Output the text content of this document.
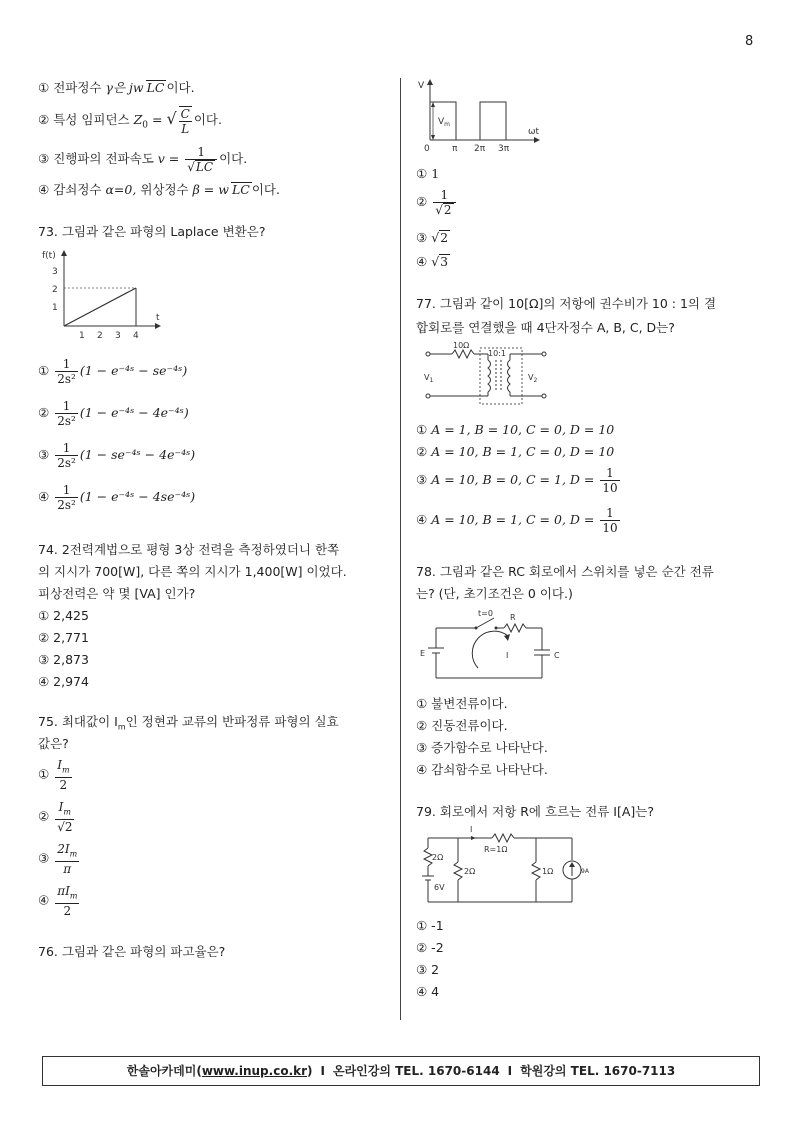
8
① 전파정수 γ은 jw LC 이다.
② 특성 임피던스 $Z_0$ = √ $\frac{C}{L}$ 이다.
③ 진행파의 전파속도 $v = \frac{1}{√LC}$ 이다.
④ 감쇠정수 α=0, 위상정수 β = w LC 이다.
73. 그림과 같은 파형의 Laplace 변환은?
f(t)
3
2
1
1 2 3 4
t
① $\frac{1}{\text{2s²}} (1$ − e⁻⁴ˢ − se⁻⁴ˢ)
② $\frac{1}{\text{2s²}} (1$ − e⁻⁴ˢ − 4e⁻⁴ˢ)
③ $\frac{1}{\text{2s²}} (1$ − se⁻⁴ˢ − 4e⁻⁴ˢ)
④ $\frac{1}{\text{2s²}} (1$ − e⁻⁴ˢ − 4se⁻⁴ˢ)
74. 2전력계법으로 평형 3상 전력을 측정하였더니 한쪽
의 지시가 700[W], 다른 쪽의 지시가 1,400[W] 이었다.
피상전력은 약 몇 [VA] 인가?
① 2,425
② 2,771
③ 2,873
④ 2,974
75. 최대값이 $I_m$인 정현과 교류의 반파정류 파형의 실효
값은?
① $\frac{I_m}{2}$
② $\frac{I_m}{√2}$
③ $\frac{2I_m}{\pi}$
④ $\frac{\pi I_m}{2}$
76. 그림과 같은 파형의 파고율은?
V
$V_m$
0 π 2π 3π
ωt
① 1
② $\frac{1}{√2}$
③ √2
④ √3
77. 그림과 같이 10[Ω]의 저항에 권수비가 10 : 1의 결
합회로를 연결했을 때 4단자정수 A, B, C, D는?
10Ω
10:1
$V_1$	$V_2$
① A = 1, B = 10, C = 0, D = 10
② A = 10, B = 1, C = 0, D = 10
③ A = 10, B = 0, C = 1, $D = \frac{1}{10}$
④ A = 10, B = 1, C = 0, $D = \frac{1}{10}$
78. 그림과 같은 RC 회로에서 스위치를 넣은 순간 전류
는? (단, 초기조건은 0 이다.)
t=0 R
C
E	I
① 불변전류이다.
② 진동전류이다.
③ 증가함수로 나타난다.
④ 감쇠함수로 나타난다.
79. 회로에서 저항 R에 흐르는 전류 I[A]는?
I
R=1Ω
2Ω
6V
2Ω	1Ω	9A
① -1
② -2
③ 2
④ 4
한솔아카데미(www.inup.co.kr) I 온라인강의 TEL. 1670-6144 I 학원강의 TEL. 1670-7113
